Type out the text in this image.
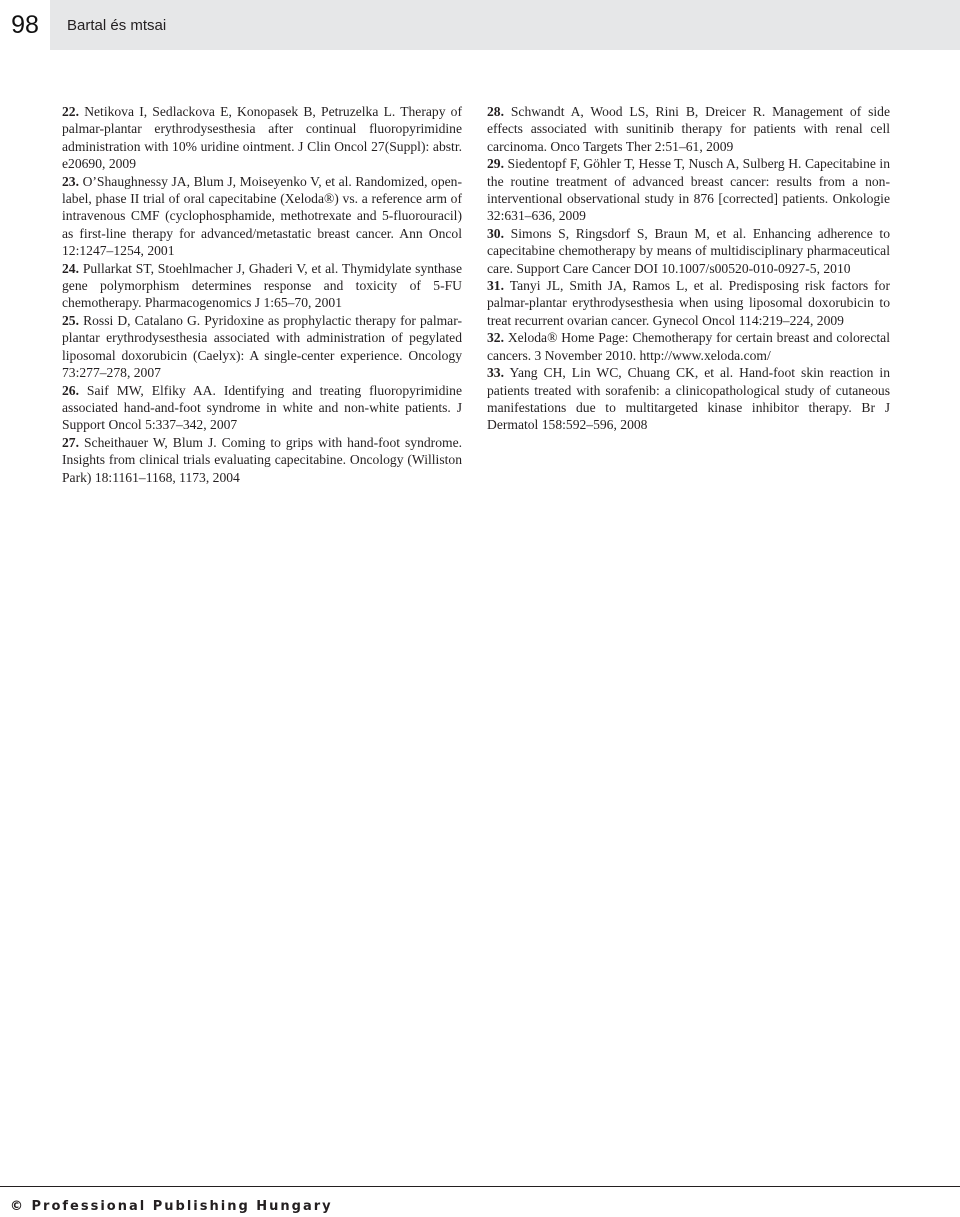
98	Bartal és mtsai

22. Netikova I, Sedlackova E, Konopasek B, Petruzelka L. Therapy of palmar-plantar erythrodysesthesia after continual fluoropyrimidine administration with 10% uridine ointment. J Clin Oncol 27(Suppl): abstr. e20690, 2009

23. O’Shaughnessy JA, Blum J, Moiseyenko V, et al. Randomized, open-label, phase II trial of oral capecitabine (Xeloda®) vs. a reference arm of intravenous CMF (cyclophosphamide, methotrexate and 5-fluorouracil) as first-line therapy for advanced/metastatic breast cancer. Ann Oncol 12:1247–1254, 2001

24. Pullarkat ST, Stoehlmacher J, Ghaderi V, et al. Thymidylate synthase gene polymorphism determines response and toxicity of 5-FU chemotherapy. Pharmacogenomics J 1:65–70, 2001

25. Rossi D, Catalano G. Pyridoxine as prophylactic therapy for palmar-plantar erythrodysesthesia associated with administration of pegylated liposomal doxorubicin (Caelyx): A single-center experience. Oncology 73:277–278, 2007

26. Saif MW, Elfiky AA. Identifying and treating fluoropyrimidine associated hand-and-foot syndrome in white and non-white patients. J Support Oncol 5:337–342, 2007

27. Scheithauer W, Blum J. Coming to grips with hand-foot syndrome. Insights from clinical trials evaluating capecitabine. Oncology (Williston Park) 18:1161–1168, 1173, 2004

28. Schwandt A, Wood LS, Rini B, Dreicer R. Management of side effects associated with sunitinib therapy for patients with renal cell carcinoma. Onco Targets Ther 2:51–61, 2009

29. Siedentopf F, Göhler T, Hesse T, Nusch A, Sulberg H. Capecitabine in the routine treatment of advanced breast cancer: results from a non-interventional observational study in 876 [corrected] patients. Onkologie 32:631–636, 2009

30. Simons S, Ringsdorf S, Braun M, et al. Enhancing adherence to capecitabine chemotherapy by means of multidisciplinary pharmaceutical care. Support Care Cancer DOI 10.1007/s00520-010-0927-5, 2010

31. Tanyi JL, Smith JA, Ramos L, et al. Predisposing risk factors for palmar-plantar erythrodysesthesia when using liposomal doxorubicin to treat recurrent ovarian cancer. Gynecol Oncol 114:219–224, 2009

32. Xeloda® Home Page: Chemotherapy for certain breast and colorectal cancers. 3 November 2010. http://www.xeloda.com/

33. Yang CH, Lin WC, Chuang CK, et al. Hand-foot skin reaction in patients treated with sorafenib: a clinicopathological study of cutaneous manifestations due to multitargeted kinase inhibitor therapy. Br J Dermatol 158:592–596, 2008

© Professional Publishing Hungary
